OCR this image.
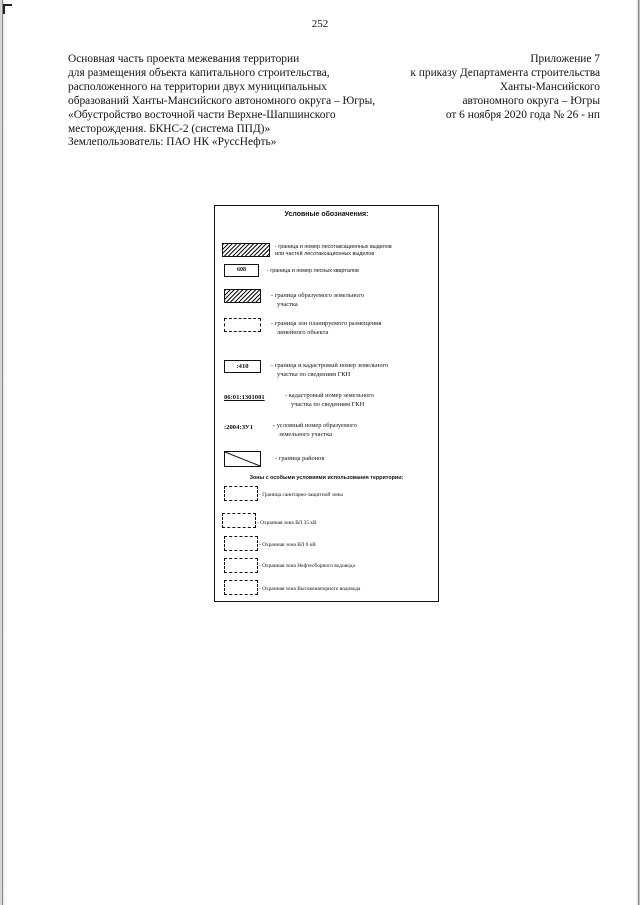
252
Основная часть проекта межевания территории
для размещения объекта капитального строительства,
расположенного на территории двух муниципальных
образований Ханты-Мансийского автономного округа – Югры,
«Обустройство восточной части Верхне-Шапшинского
месторождения. БКНС-2 (система ППД)»
Землепользователь: ПАО НК «РуссНефть»
Приложение 7
к приказу Департамента строительства
Ханты-Мансийского
автономного округа – Югры
от 6 ноября 2020 года № 26 - нп
Условные обозначения:
- граница и номер лесотаксационных выделов
или частей лесотаксационных выделов
608	- граница и номер лесных кварталов
- граница образуемого земельного
участка
- граница зон планируемого размещения
линейного объекта
:410	- граница и кадастровый номер земельного
участка по сведениям ГКН
86:01:1301001	- кадастровый номер земельного
участка по сведениям ГКН
:2004:ЗУ1	- условный номер образуемого
земельного участка
- граница районов
Зоны с особыми условиями использования территории:
- Граница санитарно-защитной зоны
- Охранная зона ВЛ 35 кВ
- Охранная зона ВЛ 6 кВ
- Охранная зона Нефтесборного водовода
- Охранная зона Высоконапорного водовода
